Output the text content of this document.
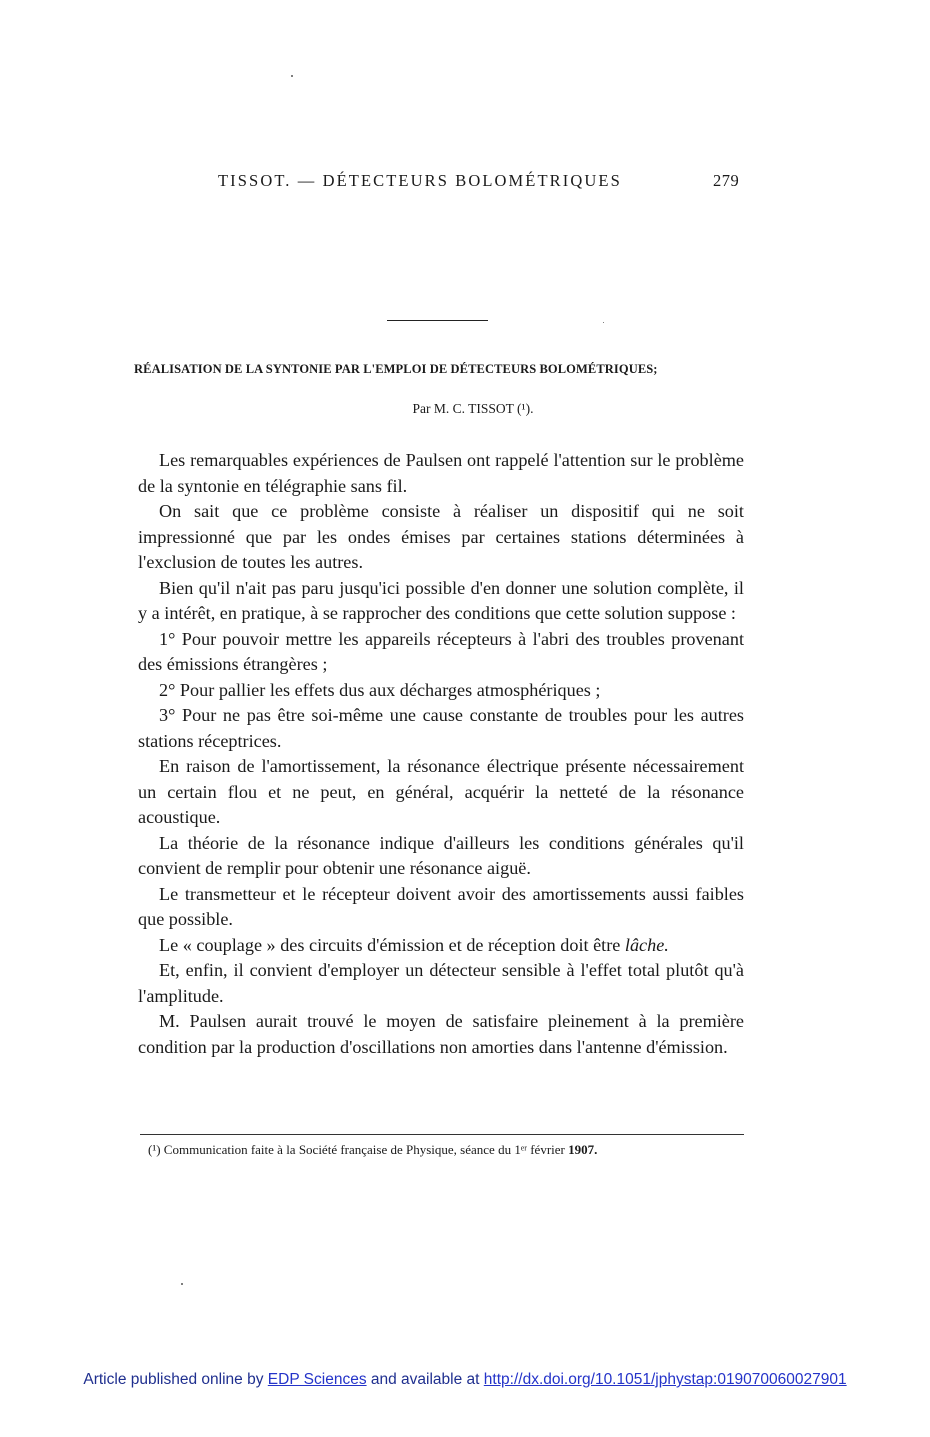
TISSOT. — DÉTECTEURS BOLOMÉTRIQUES	279
RÉALISATION DE LA SYNTONIE PAR L'EMPLOI DE DÉTECTEURS BOLOMÉTRIQUES;
Par M. C. TISSOT (¹).

Les remarquables expériences de Paulsen ont rappelé l'attention sur le problème de la syntonie en télégraphie sans fil.

On sait que ce problème consiste à réaliser un dispositif qui ne soit impressionné que par les ondes émises par certaines stations déterminées à l'exclusion de toutes les autres.

Bien qu'il n'ait pas paru jusqu'ici possible d'en donner une solution complète, il y a intérêt, en pratique, à se rapprocher des conditions que cette solution suppose :

1° Pour pouvoir mettre les appareils récepteurs à l'abri des troubles provenant des émissions étrangères ;

2° Pour pallier les effets dus aux décharges atmosphériques ;

3° Pour ne pas être soi-même une cause constante de troubles pour les autres stations réceptrices.

En raison de l'amortissement, la résonance électrique présente nécessairement un certain flou et ne peut, en général, acquérir la netteté de la résonance acoustique.

La théorie de la résonance indique d'ailleurs les conditions générales qu'il convient de remplir pour obtenir une résonance aiguë.

Le transmetteur et le récepteur doivent avoir des amortissements aussi faibles que possible.

Le « couplage » des circuits d'émission et de réception doit être lâche.

Et, enfin, il convient d'employer un détecteur sensible à l'effet total plutôt qu'à l'amplitude.

M. Paulsen aurait trouvé le moyen de satisfaire pleinement à la première condition par la production d'oscillations non amorties dans l'antenne d'émission.

(¹) Communication faite à la Société française de Physique, séance du 1ᵉʳ février 1907.
Article published online by EDP Sciences and available at http://dx.doi.org/10.1051/jphystap:019070060027901
